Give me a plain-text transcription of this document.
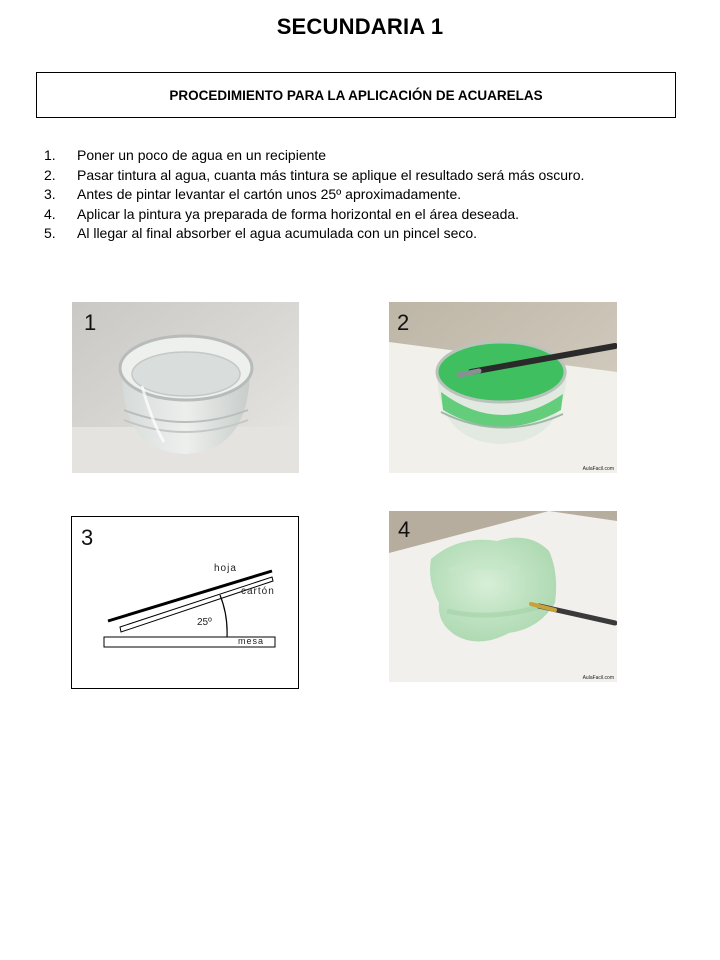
SECUNDARIA 1
PROCEDIMIENTO PARA LA APLICACIÓN DE ACUARELAS
1.	Poner un poco de agua en un recipiente
2.	Pasar tintura al agua, cuanta más tintura se aplique el resultado será más oscuro.
3.	Antes de pintar levantar el cartón unos 25º aproximadamente.
4.	Aplicar la pintura ya preparada de forma horizontal en el área deseada.
5.	Al llegar al final absorber el agua acumulada con un pincel seco.
1	2
AulaFacil.com
3
hoja
cartón
25º
mesa
4
AulaFacil.com
